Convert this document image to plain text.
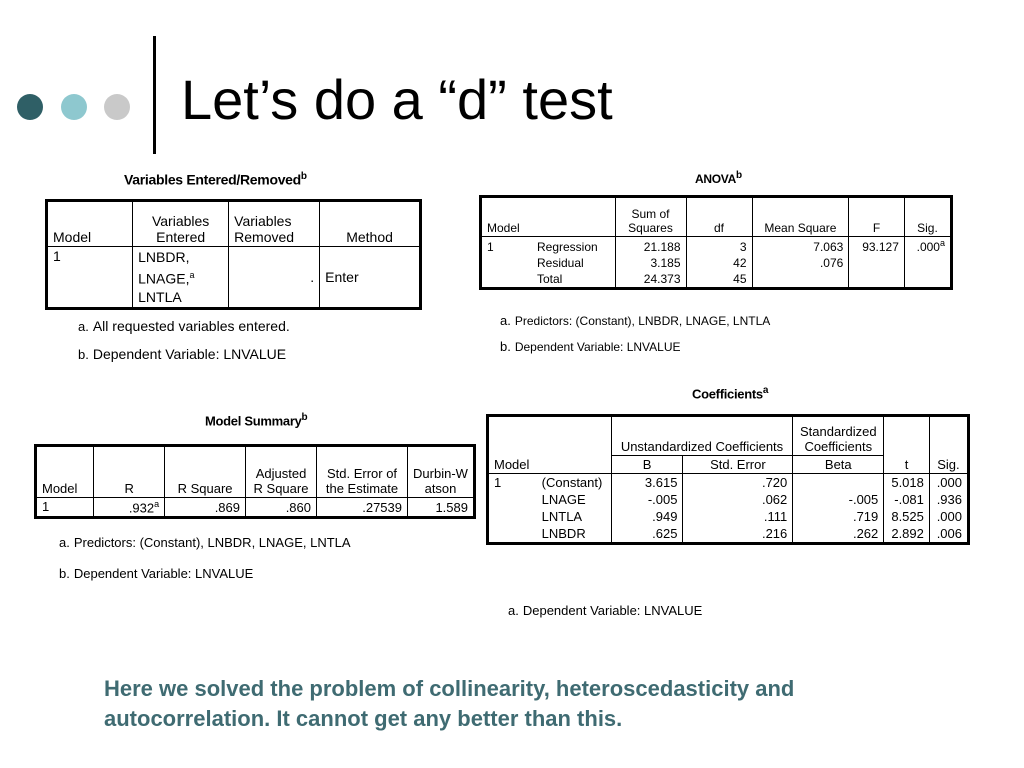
Let’s do a “d” test
Variables Entered/Removed$^b$
Model	Variables Entered	Variables Removed	Method
1	LNBDR,
LNAGE,$^a$
LNTLA	.	Enter
a. All requested variables entered.
b. Dependent Variable: LNVALUE
ANOVA$^b$
Model		Sum of Squares	df	Mean Square	F	Sig.
1	Regression	21.188	3	7.063	93.127	.000$^a$
	Residual	3.185	42	.076		
	Total	24.373	45			
a. Predictors: (Constant), LNBDR, LNAGE, LNTLA
b. Dependent Variable: LNVALUE
Model Summary$^b$
Model	R	R Square	Adjusted R Square	Std. Error of the Estimate	Durbin-Watson
1	.932$^a$	.869	.860	.27539	1.589
a. Predictors: (Constant), LNBDR, LNAGE, LNTLA
b. Dependent Variable: LNVALUE
Coefficients$^a$
Model		Unstandardized Coefficients		Standardized Coefficients	t	Sig.
		B	Std. Error	Beta		
1	(Constant)	3.615	.720		5.018	.000
	LNAGE	-.005	.062	-.005	-.081	.936
	LNTLA	.949	.111	.719	8.525	.000
	LNBDR	.625	.216	.262	2.892	.006
a. Dependent Variable: LNVALUE
Here we solved the problem of collinearity, heteroscedasticity and autocorrelation. It cannot get any better than this.
